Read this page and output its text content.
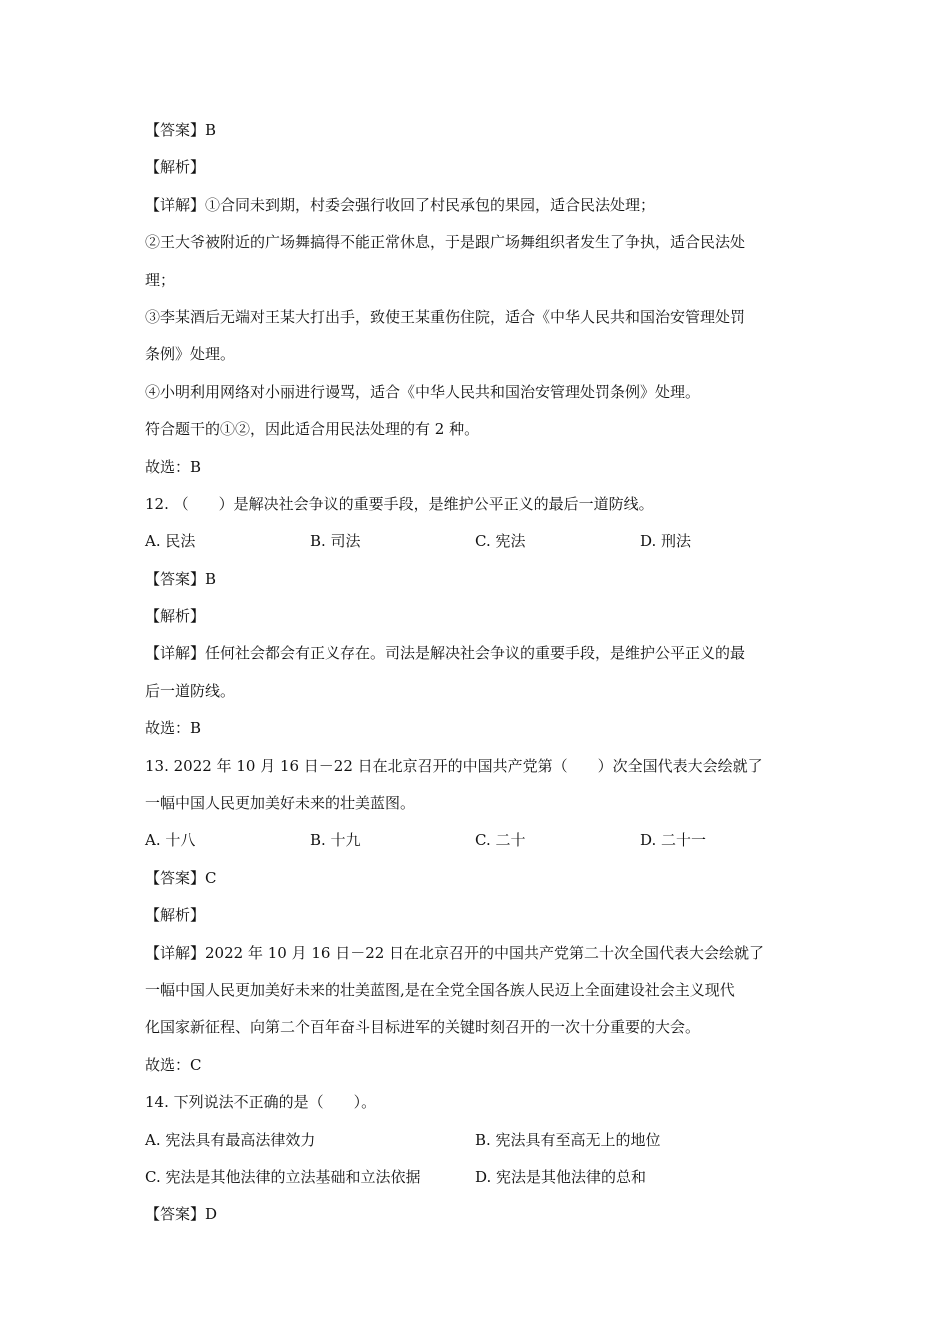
【答案】B
【解析】
【详解】①合同未到期，村委会强行收回了村民承包的果园，适合民法处理；
②王大爷被附近的广场舞搞得不能正常休息，于是跟广场舞组织者发生了争执，适合民法处
理；
③李某酒后无端对王某大打出手，致使王某重伤住院，适合《中华人民共和国治安管理处罚
条例》处理。
④小明利用网络对小丽进行谩骂，适合《中华人民共和国治安管理处罚条例》处理。
符合题干的①②，因此适合用民法处理的有 2 种。
故选：B
12. （　　）是解决社会争议的重要手段，是维护公平正义的最后一道防线。
A. 民法	B. 司法	C. 宪法	D. 刑法
【答案】B
【解析】
【详解】任何社会都会有正义存在。司法是解决社会争议的重要手段，是维护公平正义的最
后一道防线。
故选：B
13. 2022 年 10 月 16 日－22 日在北京召开的中国共产党第（　　）次全国代表大会绘就了
一幅中国人民更加美好未来的壮美蓝图。
A. 十八	B. 十九	C. 二十	D. 二十一
【答案】C
【解析】
【详解】2022 年 10 月 16 日－22 日在北京召开的中国共产党第二十次全国代表大会绘就了
一幅中国人民更加美好未来的壮美蓝图,是在全党全国各族人民迈上全面建设社会主义现代
化国家新征程、向第二个百年奋斗目标进军的关键时刻召开的一次十分重要的大会。
故选：C
14. 下列说法不正确的是（　　）。
A. 宪法具有最高法律效力	B. 宪法具有至高无上的地位
C. 宪法是其他法律的立法基础和立法依据	D. 宪法是其他法律的总和
【答案】D
